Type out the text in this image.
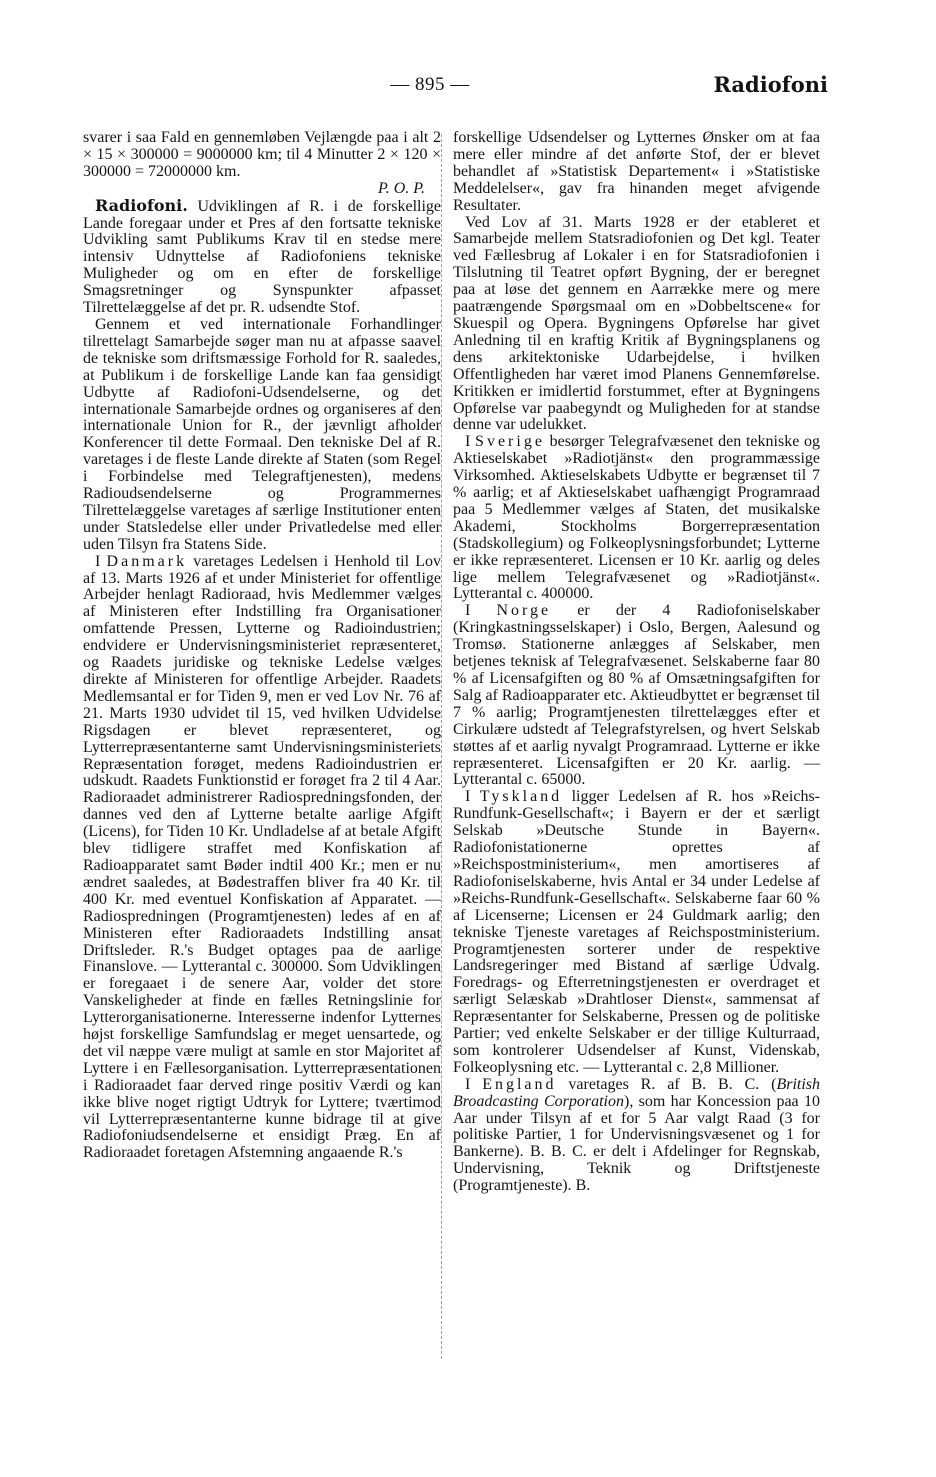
— 895 —	Radiofoni

svarer i saa Fald en gennemløben Vejlængde paa i alt 2 × 15 × 300000 = 9000000 km; til 4 Minutter 2 × 120 × 300000 = 72000000 km.

P. O. P.

Radiofoni. Udviklingen af R. i de forskellige Lande foregaar under et Pres af den fortsatte tekniske Udvikling samt Publikums Krav til en stedse mere intensiv Udnyttelse af Radiofoniens tekniske Muligheder og om en efter de forskellige Smagsretninger og Synspunkter afpasset Tilrettelæggelse af det pr. R. udsendte Stof.

Gennem et ved internationale Forhandlinger tilrettelagt Samarbejde søger man nu at afpasse saavel de tekniske som driftsmæssige Forhold for R. saaledes, at Publikum i de forskellige Lande kan faa gensidigt Udbytte af Radiofoni-Udsendelserne, og det internationale Samarbejde ordnes og organiseres af den internationale Union for R., der jævnligt afholder Konferencer til dette Formaal. Den tekniske Del af R. varetages i de fleste Lande direkte af Staten (som Regel i Forbindelse med Telegraftjenesten), medens Radioudsendelserne og Programmernes Tilrettelæggelse varetages af særlige Institutioner enten under Statsledelse eller under Privatledelse med eller uden Tilsyn fra Statens Side.

I Danmark varetages Ledelsen i Henhold til Lov af 13. Marts 1926 af et under Ministeriet for offentlige Arbejder henlagt Radioraad, hvis Medlemmer vælges af Ministeren efter Indstilling fra Organisationer omfattende Pressen, Lytterne og Radioindustrien; endvidere er Undervisningsministeriet repræsenteret, og Raadets juridiske og tekniske Ledelse vælges direkte af Ministeren for offentlige Arbejder. Raadets Medlemsantal er for Tiden 9, men er ved Lov Nr. 76 af 21. Marts 1930 udvidet til 15, ved hvilken Udvidelse Rigsdagen er blevet repræsenteret, og Lytterrepræsentanterne samt Undervisningsministeriets Repræsentation forøget, medens Radioindustrien er udskudt. Raadets Funktionstid er forøget fra 2 til 4 Aar. Radioraadet administrerer Radiospredningsfonden, der dannes ved den af Lytterne betalte aarlige Afgift (Licens), for Tiden 10 Kr. Undladelse af at betale Afgift blev tidligere straffet med Konfiskation af Radioapparatet samt Bøder indtil 400 Kr.; men er nu ændret saaledes, at Bødestraffen bliver fra 40 Kr. til 400 Kr. med eventuel Konfiskation af Apparatet. — Radiospredningen (Programtjenesten) ledes af en af Ministeren efter Radioraadets Indstilling ansat Driftsleder. R.'s Budget optages paa de aarlige Finanslove. — Lytterantal c. 300000. Som Udviklingen er foregaaet i de senere Aar, volder det store Vanskeligheder at finde en fælles Retningslinie for Lytterorganisationerne. Interesserne indenfor Lytternes højst forskellige Samfundslag er meget uensartede, og det vil næppe være muligt at samle en stor Majoritet af Lyttere i en Fællesorganisation. Lytterrepræsentationen i Radioraadet faar derved ringe positiv Værdi og kan ikke blive noget rigtigt Udtryk for Lyttere; tværtimod vil Lytterrepræsentanterne kunne bidrage til at give Radiofoniudsendelserne et ensidigt Præg. En af Radioraadet foretagen Afstemning angaaende R.'s

forskellige Udsendelser og Lytternes Ønsker om at faa mere eller mindre af det anførte Stof, der er blevet behandlet af »Statistisk Departement« i »Statistiske Meddelelser«, gav fra hinanden meget afvigende Resultater.

Ved Lov af 31. Marts 1928 er der etableret et Samarbejde mellem Statsradiofonien og Det kgl. Teater ved Fællesbrug af Lokaler i en for Statsradiofonien i Tilslutning til Teatret opført Bygning, der er beregnet paa at løse det gennem en Aarrække mere og mere paatrængende Spørgsmaal om en »Dobbeltscene« for Skuespil og Opera. Bygningens Opførelse har givet Anledning til en kraftig Kritik af Bygningsplanens og dens arkitektoniske Udarbejdelse, i hvilken Offentligheden har været imod Planens Gennemførelse. Kritikken er imidlertid forstummet, efter at Bygningens Opførelse var paabegyndt og Muligheden for at standse denne var udelukket.

I Sverige besørger Telegrafvæsenet den tekniske og Aktieselskabet »Radiotjänst« den programmæssige Virksomhed. Aktieselskabets Udbytte er begrænset til 7 % aarlig; et af Aktieselskabet uafhængigt Programraad paa 5 Medlemmer vælges af Staten, det musikalske Akademi, Stockholms Borgerrepræsentation (Stadskollegium) og Folkeoplysningsforbundet; Lytterne er ikke repræsenteret. Licensen er 10 Kr. aarlig og deles lige mellem Telegrafvæsenet og »Radiotjänst«. Lytterantal c. 400000.

I Norge er der 4 Radiofoniselskaber (Kringkastningsselskaper) i Oslo, Bergen, Aalesund og Tromsø. Stationerne anlægges af Selskaber, men betjenes teknisk af Telegrafvæsenet. Selskaberne faar 80 % af Licensafgiften og 80 % af Omsætningsafgiften for Salg af Radioapparater etc. Aktieudbyttet er begrænset til 7 % aarlig; Programtjenesten tilrettelægges efter et Cirkulære udstedt af Telegrafstyrelsen, og hvert Selskab støttes af et aarlig nyvalgt Programraad. Lytterne er ikke repræsenteret. Licensafgiften er 20 Kr. aarlig. — Lytterantal c. 65000.

I Tyskland ligger Ledelsen af R. hos »Reichs-Rundfunk-Gesellschaft«; i Bayern er der et særligt Selskab »Deutsche Stunde in Bayern«. Radiofonistationerne oprettes af »Reichspostministerium«, men amortiseres af Radiofoniselskaberne, hvis Antal er 34 under Ledelse af »Reichs-Rundfunk-Gesellschaft«. Selskaberne faar 60 % af Licenserne; Licensen er 24 Guldmark aarlig; den tekniske Tjeneste varetages af Reichspostministerium. Programtjenesten sorterer under de respektive Landsregeringer med Bistand af særlige Udvalg. Foredrags- og Efterretningstjenesten er overdraget et særligt Selæskab »Drahtloser Dienst«, sammensat af Repræsentanter for Selskaberne, Pressen og de politiske Partier; ved enkelte Selskaber er der tillige Kulturraad, som kontrolerer Udsendelser af Kunst, Videnskab, Folkeoplysning etc. — Lytterantal c. 2,8 Millioner.

I England varetages R. af B. B. C. (British Broadcasting Corporation), som har Koncession paa 10 Aar under Tilsyn af et for 5 Aar valgt Raad (3 for politiske Partier, 1 for Undervisningsvæsenet og 1 for Bankerne). B. B. C. er delt i Afdelinger for Regnskab, Undervisning, Teknik og Driftstjeneste (Programtjeneste). B.
